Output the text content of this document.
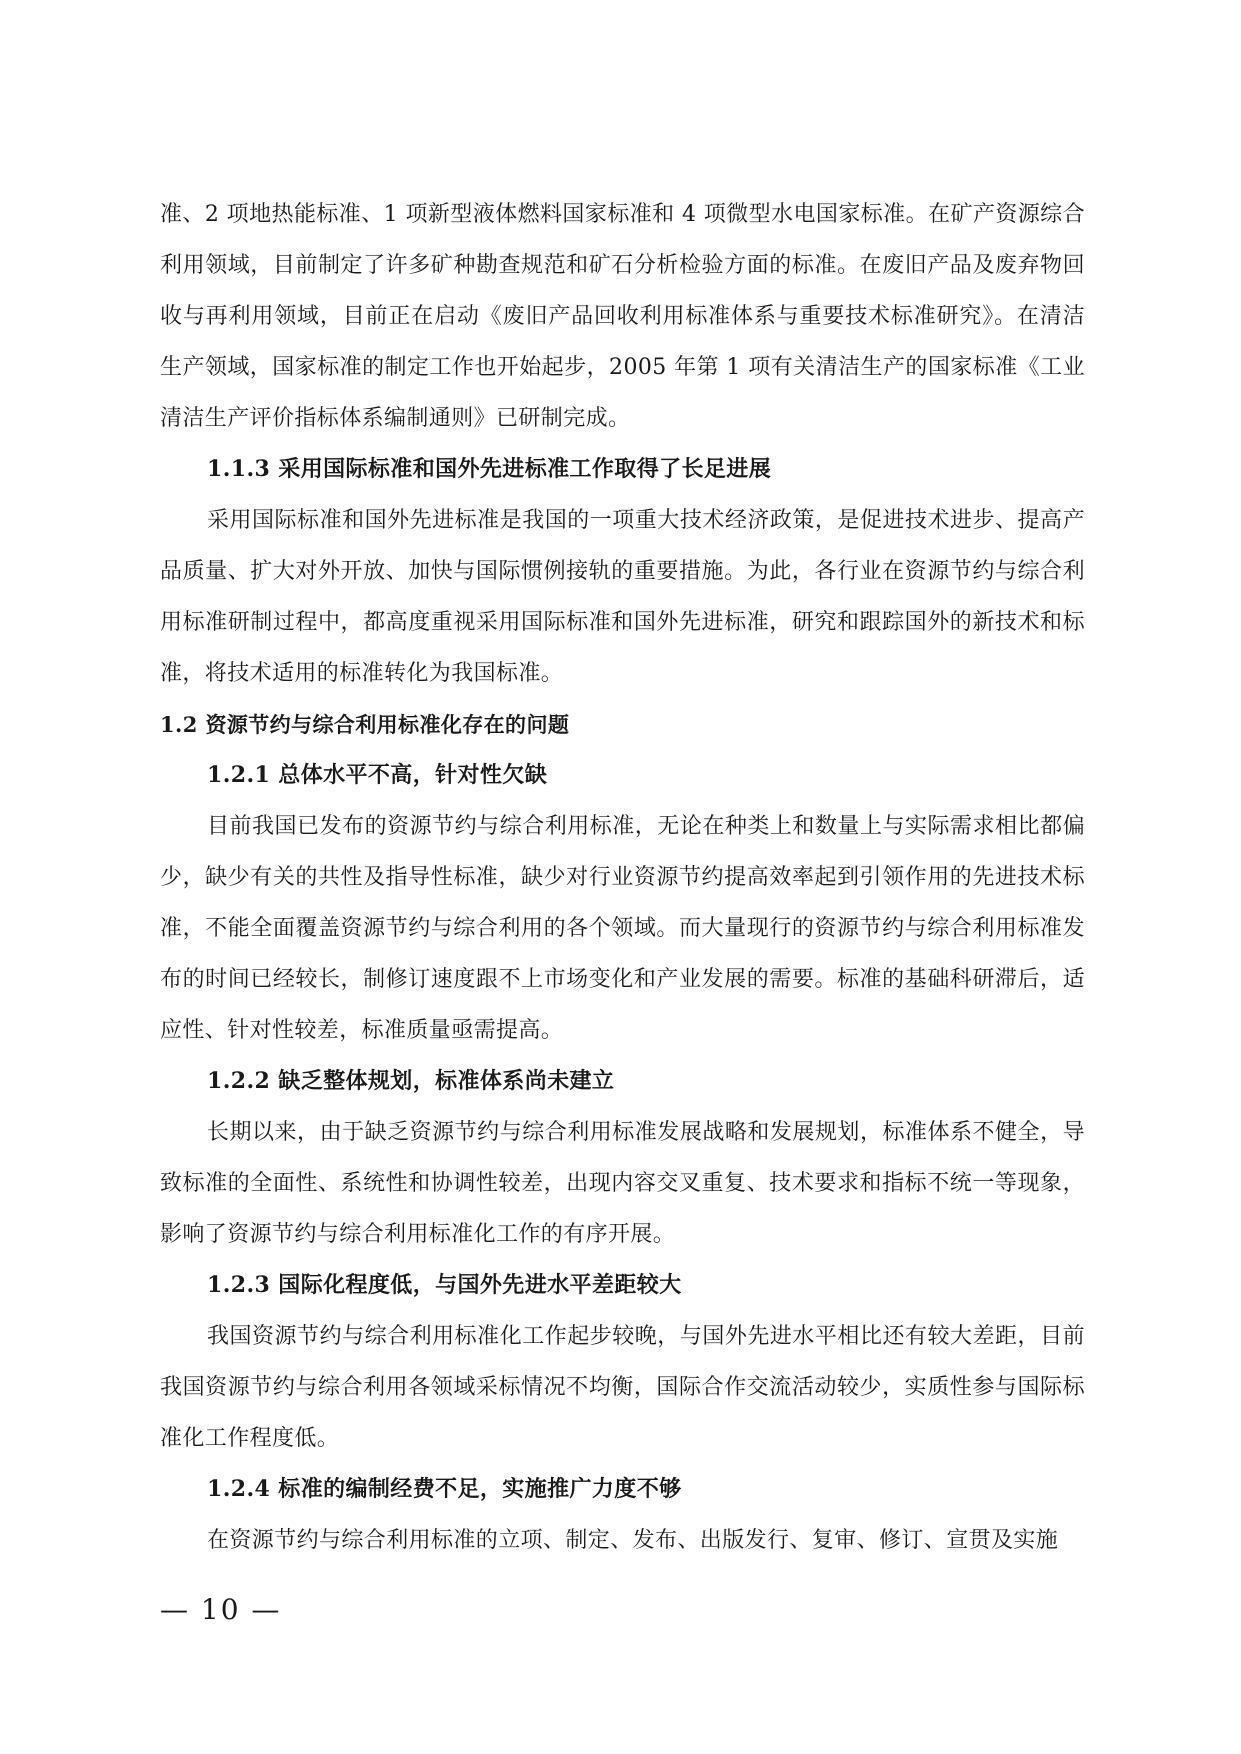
准、2 项地热能标准、1 项新型液体燃料国家标准和 4 项微型水电国家标准。在矿产资源综合利用领域，目前制定了许多矿种勘查规范和矿石分析检验方面的标准。在废旧产品及废弃物回收与再利用领域，目前正在启动《废旧产品回收利用标准体系与重要技术标准研究》。在清洁生产领域，国家标准的制定工作也开始起步，2005 年第 1 项有关清洁生产的国家标准《工业清洁生产评价指标体系编制通则》已研制完成。

1.1.3 采用国际标准和国外先进标准工作取得了长足进展

采用国际标准和国外先进标准是我国的一项重大技术经济政策，是促进技术进步、提高产品质量、扩大对外开放、加快与国际惯例接轨的重要措施。为此，各行业在资源节约与综合利用标准研制过程中，都高度重视采用国际标准和国外先进标准，研究和跟踪国外的新技术和标准，将技术适用的标准转化为我国标准。

1.2 资源节约与综合利用标准化存在的问题

1.2.1 总体水平不高，针对性欠缺

目前我国已发布的资源节约与综合利用标准，无论在种类上和数量上与实际需求相比都偏少，缺少有关的共性及指导性标准，缺少对行业资源节约提高效率起到引领作用的先进技术标准，不能全面覆盖资源节约与综合利用的各个领域。而大量现行的资源节约与综合利用标准发布的时间已经较长，制修订速度跟不上市场变化和产业发展的需要。标准的基础科研滞后，适应性、针对性较差，标准质量亟需提高。

1.2.2 缺乏整体规划，标准体系尚未建立

长期以来，由于缺乏资源节约与综合利用标准发展战略和发展规划，标准体系不健全，导致标准的全面性、系统性和协调性较差，出现内容交叉重复、技术要求和指标不统一等现象，影响了资源节约与综合利用标准化工作的有序开展。

1.2.3 国际化程度低，与国外先进水平差距较大

我国资源节约与综合利用标准化工作起步较晚，与国外先进水平相比还有较大差距，目前我国资源节约与综合利用各领域采标情况不均衡，国际合作交流活动较少，实质性参与国际标准化工作程度低。

1.2.4 标准的编制经费不足，实施推广力度不够

在资源节约与综合利用标准的立项、制定、发布、出版发行、复审、修订、宣贯及实施

— 10 —
